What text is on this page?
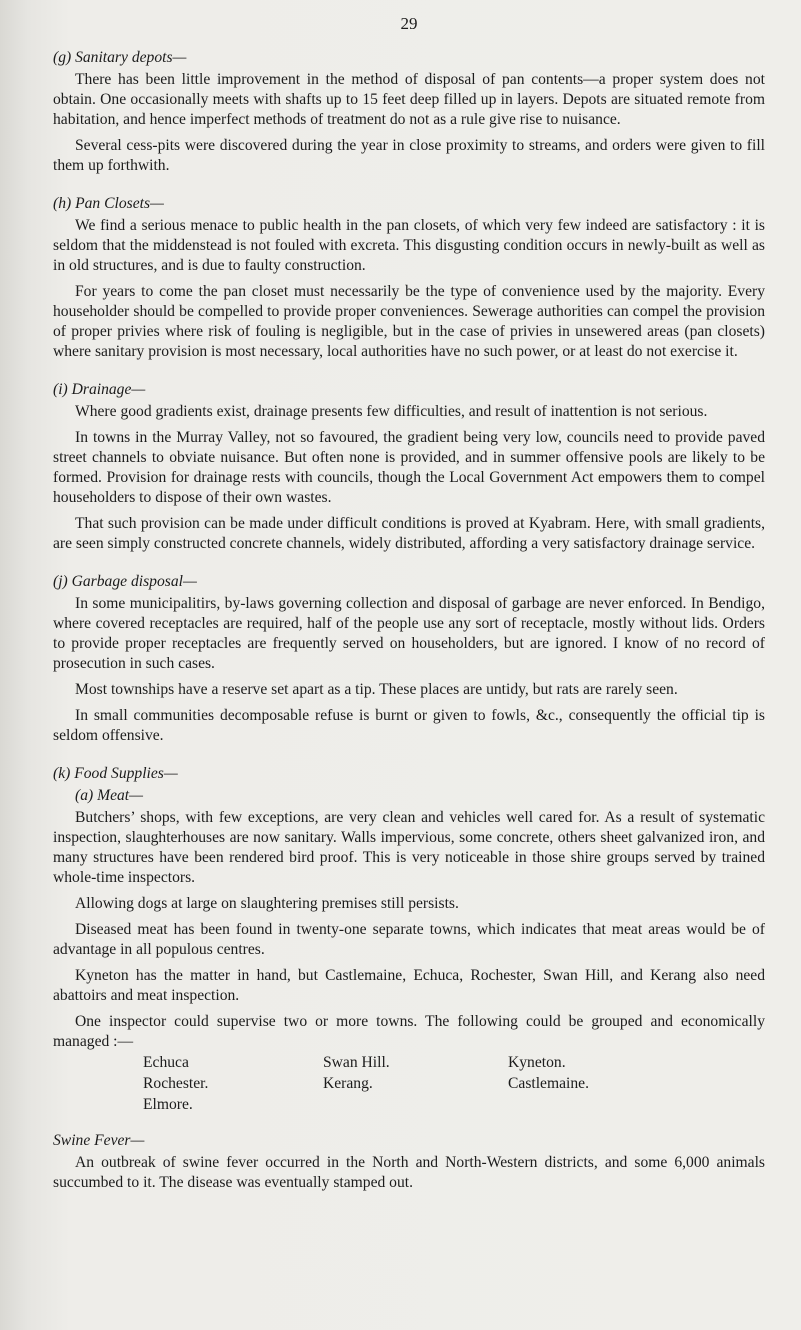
29
(g) Sanitary depots—

There has been little improvement in the method of disposal of pan contents—a proper system does not obtain. One occasionally meets with shafts up to 15 feet deep filled up in layers. Depots are situated remote from habitation, and hence imperfect methods of treatment do not as a rule give rise to nuisance.

Several cess-pits were discovered during the year in close proximity to streams, and orders were given to fill them up forthwith.

(h) Pan Closets—

We find a serious menace to public health in the pan closets, of which very few indeed are satisfactory : it is seldom that the middenstead is not fouled with excreta. This disgusting condition occurs in newly-built as well as in old structures, and is due to faulty construction.

For years to come the pan closet must necessarily be the type of convenience used by the majority. Every householder should be compelled to provide proper conveniences. Sewerage authorities can compel the provision of proper privies where risk of fouling is negligible, but in the case of privies in unsewered areas (pan closets) where sanitary provision is most necessary, local authorities have no such power, or at least do not exercise it.

(i) Drainage—

Where good gradients exist, drainage presents few difficulties, and result of inattention is not serious.

In towns in the Murray Valley, not so favoured, the gradient being very low, councils need to provide paved street channels to obviate nuisance. But often none is provided, and in summer offensive pools are likely to be formed. Provision for drainage rests with councils, though the Local Government Act empowers them to compel householders to dispose of their own wastes.

That such provision can be made under difficult conditions is proved at Kyabram. Here, with small gradients, are seen simply constructed concrete channels, widely distributed, affording a very satisfactory drainage service.

(j) Garbage disposal—

In some municipalitirs, by-laws governing collection and disposal of garbage are never enforced. In Bendigo, where covered receptacles are required, half of the people use any sort of receptacle, mostly without lids. Orders to provide proper receptacles are frequently served on householders, but are ignored. I know of no record of prosecution in such cases.

Most townships have a reserve set apart as a tip. These places are untidy, but rats are rarely seen.

In small communities decomposable refuse is burnt or given to fowls, &c., consequently the official tip is seldom offensive.

(k) Food Supplies—
(a) Meat—

Butchers’ shops, with few exceptions, are very clean and vehicles well cared for. As a result of systematic inspection, slaughterhouses are now sanitary. Walls impervious, some concrete, others sheet galvanized iron, and many structures have been rendered bird proof. This is very noticeable in those shire groups served by trained whole-time inspectors.

Allowing dogs at large on slaughtering premises still persists.

Diseased meat has been found in twenty-one separate towns, which indicates that meat areas would be of advantage in all populous centres.

Kyneton has the matter in hand, but Castlemaine, Echuca, Rochester, Swan Hill, and Kerang also need abattoirs and meat inspection.

One inspector could supervise two or more towns. The following could be grouped and economically managed :—

Echuca	Swan Hill.	Kyneton.
Rochester.	Kerang.	Castlemaine.
Elmore.
Swine Fever—

An outbreak of swine fever occurred in the North and North-Western districts, and some 6,000 animals succumbed to it. The disease was eventually stamped out.
